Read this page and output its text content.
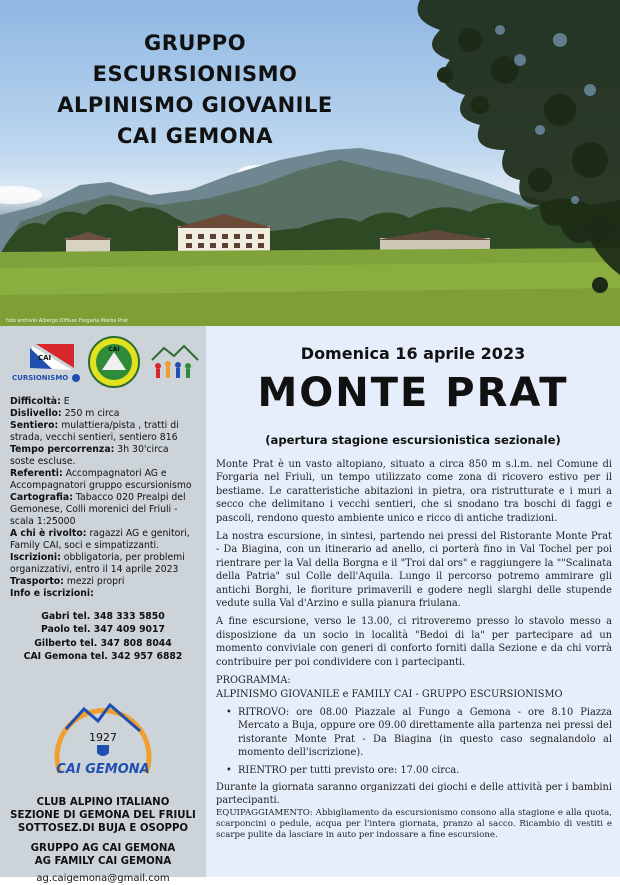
GRUPPO ESCURSIONISMO
ALPINISMO GIOVANILE
CAI GEMONA
foto archivio Albergo Diffuso Forgaria Monte Prat
CAI
CURSIONISMO
CAI

Difficoltà: E

Dislivello: 250 m circa

Sentiero: mulattiera/pista , tratti di strada, vecchi sentieri, sentiero 816

Tempo percorrenza: 3h 30'circa soste escluse.

Referenti: Accompagnatori AG e Accompagnatori gruppo escursionismo

Cartografia: Tabacco 020 Prealpi del Gemonese, Colli morenici del Friuli - scala 1:25000

A chi è rivolto: ragazzi AG e genitori, Family CAI, soci e simpatizzanti.

Iscrizioni: obbligatoria, per problemi organizzativi, entro il 14 aprile 2023

Trasporto: mezzi propri

Info e iscrizioni:

Gabri tel. 348 333 5850
Paolo tel. 347 409 9017
Gilberto tel. 347 808 8044
CAI Gemona tel. 342 957 6882
1927
CAI GEMONA
CLUB ALPINO ITALIANO
SEZIONE DI GEMONA DEL FRIULI
SOTTOSEZ.DI BUJA E OSOPPO
GRUPPO AG CAI GEMONA
AG FAMILY CAI GEMONA
ag.caigemona@gmail.com
Domenica 16 aprile 2023
MONTE PRAT
(apertura stagione escursionistica sezionale)

Monte Prat è un vasto altopiano, situato a circa 850 m s.l.m. nel Comune di Forgaria nel Friuli, un tempo utilizzato come zona di ricovero estivo per il bestiame. Le caratteristiche abitazioni in pietra, ora ristrutturate e i muri a secco che delimitano i vecchi sentieri, che si snodano tra boschi di faggi e pascoli, rendono questo ambiente unico e ricco di antiche tradizioni.

La nostra escursione, in sintesi, partendo nei pressi del Ristorante Monte Prat - Da Biagina, con un itinerario ad anello, ci porterà fino in Val Tochel per poi rientrare per la Val della Borgna e il "Troi dal ors" e raggiungere la ""Scalinata della Patria" sul Colle dell'Aquila. Lungo il percorso potremo ammirare gli antichi Borghi, le fioriture primaverili e godere negli slarghi delle stupende vedute sulla Val d'Arzino e sulla pianura friulana.

A fine escursione, verso le 13.00, ci ritroveremo presso lo stavolo messo a disposizione da un socio in località "Bedoi di la" per partecipare ad un momento conviviale con generi di conforto forniti dalla Sezione e da chi vorrà contribuire per poi condividere con i partecipanti.

PROGRAMMA:

ALPINISMO GIOVANILE e FAMILY CAI - GRUPPO ESCURSIONISMO

• RITROVO: ore 08.00 Piazzale al Fungo a Gemona - ore 8.10 Piazza Mercato a Buja, oppure ore 09.00 direttamente alla partenza nei pressi del ristorante Monte Prat - Da Biagina (in questo caso segnalandolo al momento dell'iscrizione).
• RIENTRO per tutti previsto ore: 17.00 circa.

Durante la giornata saranno organizzati dei giochi e delle attività per i bambini partecipanti.

EQUIPAGGIAMENTO: Abbigliamento da escursionismo consono alla stagione e alla quota, scarponcini o pedule, acqua per l'intera giornata, pranzo al sacco. Ricambio di vestiti e scarpe pulite da lasciare in auto per indossare a fine escursione.
